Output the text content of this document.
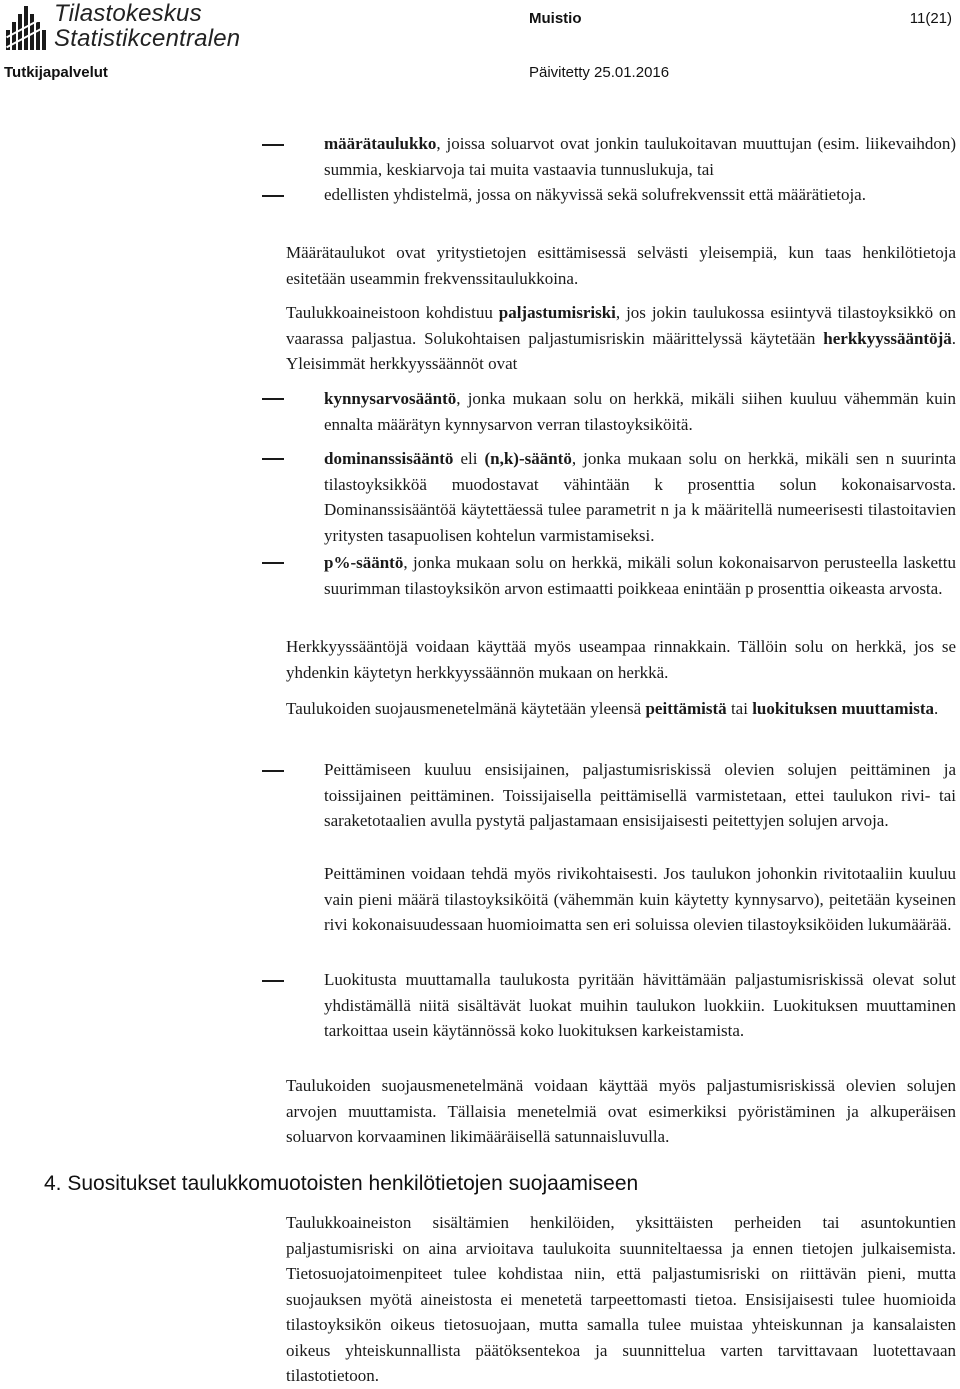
Tilastokeskus
Statistikcentralen
Muistio	11(21)
Tutkijapalvelut	Päivitetty 25.01.2016
määrätaulukko, joissa soluarvot ovat jonkin taulukoitavan muuttujan (esim. liikevaihdon) summia, keskiarvoja tai muita vastaavia tunnuslukuja, tai
edellisten yhdistelmä, jossa on näkyvissä sekä solufrekvenssit että määrätietoja.
Määrätaulukot ovat yritystietojen esittämisessä selvästi yleisempiä, kun taas henkilötietoja esitetään useammin frekvenssitaulukkoina.
Taulukkoaineistoon kohdistuu paljastumisriski, jos jokin taulukossa esiintyvä tilastoyksikkö on vaarassa paljastua. Solukohtaisen paljastumisriskin määrittelyssä käytetään herkkyyssääntöjä. Yleisimmät herkkyyssäännöt ovat
kynnysarvosääntö, jonka mukaan solu on herkkä, mikäli siihen kuuluu vähemmän kuin ennalta määrätyn kynnysarvon verran tilastoyksiköitä.
dominanssisääntö eli (n,k)-sääntö, jonka mukaan solu on herkkä, mikäli sen n suurinta tilastoyksikköä muodostavat vähintään k prosenttia solun kokonaisarvosta. Dominanssisääntöä käytettäessä tulee parametrit n ja k määritellä numeerisesti tilastoitavien yritysten tasapuolisen kohtelun varmistamiseksi.
p%-sääntö, jonka mukaan solu on herkkä, mikäli solun kokonaisarvon perusteella laskettu suurimman tilastoyksikön arvon estimaatti poikkeaa enintään p prosenttia oikeasta arvosta.
Herkkyyssääntöjä voidaan käyttää myös useampaa rinnakkain. Tällöin solu on herkkä, jos se yhdenkin käytetyn herkkyyssäännön mukaan on herkkä.
Taulukoiden suojausmenetelmänä käytetään yleensä peittämistä tai luokituksen muuttamista.
Peittämiseen kuuluu ensisijainen, paljastumisriskissä olevien solujen peittäminen ja toissijainen peittäminen. Toissijaisella peittämisellä varmistetaan, ettei taulukon rivi- tai saraketotaalien avulla pystytä paljastamaan ensisijaisesti peitettyjen solujen arvoja.
Peittäminen voidaan tehdä myös rivikohtaisesti. Jos taulukon johonkin rivitotaaliin kuuluu vain pieni määrä tilastoyksiköitä (vähemmän kuin käytetty kynnysarvo), peitetään kyseinen rivi kokonaisuudessaan huomioimatta sen eri soluissa olevien tilastoyksiköiden lukumäärää.
Luokitusta muuttamalla taulukosta pyritään hävittämään paljastumisriskissä olevat solut yhdistämällä niitä sisältävät luokat muihin taulukon luokkiin. Luokituksen muuttaminen tarkoittaa usein käytännössä koko luokituksen karkeistamista.
Taulukoiden suojausmenetelmänä voidaan käyttää myös paljastumisriskissä olevien solujen arvojen muuttamista. Tällaisia menetelmiä ovat esimerkiksi pyöristäminen ja alkuperäisen soluarvon korvaaminen likimääräisellä satunnaisluvulla.
4. Suositukset taulukkomuotoisten henkilötietojen suojaamiseen
Taulukkoaineiston sisältämien henkilöiden, yksittäisten perheiden tai asuntokuntien paljastumisriski on aina arvioitava taulukoita suunniteltaessa ja ennen tietojen julkaisemista. Tietosuojatoimenpiteet tulee kohdistaa niin, että paljastumisriski on riittävän pieni, mutta suojauksen myötä aineistosta ei menetetä tarpeettomasti tietoa. Ensisijaisesti tulee huomioida tilastoyksikön oikeus tietosuojaan, mutta samalla tulee muistaa yhteiskunnan ja kansalaisten oikeus yhteiskunnallista päätöksentekoa ja suunnittelua varten tarvittavaan luotettavaan tilastotietoon.
